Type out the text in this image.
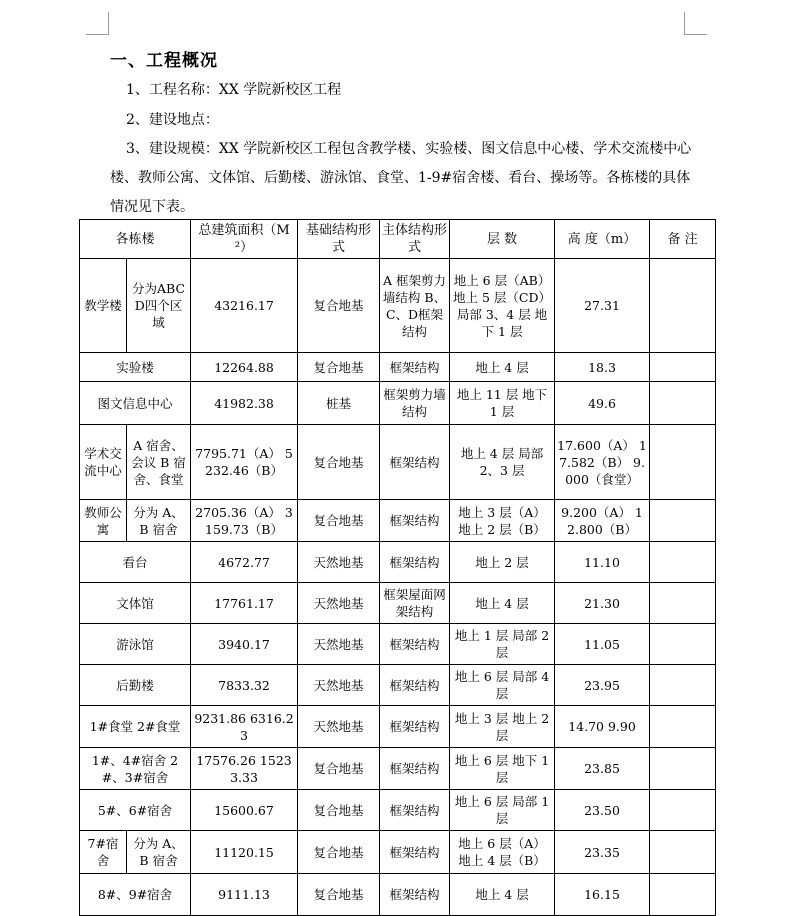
一、工程概况
1、工程名称：XX 学院新校区工程
2、建设地点：
3、建设规模：XX 学院新校区工程包含教学楼、实验楼、图文信息中心楼、学术交流楼中心楼、教师公寓、文体馆、后勤楼、游泳馆、食堂、1-9#宿舍楼、看台、操场等。各栋楼的具体情况见下表。
各栋楼		总建筑面积（M²）	基础结构形式	主体结构形式	层 数	高 度（m）	备 注
教学楼	分为ABCD四个区域	43216.17	复合地基	A 框架剪力墙结构 B、C、D框架结构	地上 6 层（AB）地上 5 层（CD）局部 3、4 层 地下 1 层	27.31	
实验楼		12264.88	复合地基	框架结构	地上 4 层	18.3	
图文信息中心		41982.38	桩基	框架剪力墙结构	地上 11 层 地下 1 层	49.6	
学术交流中心	A 宿舍、会议 B 宿舍、食堂	7795.71（A） 5232.46（B）	复合地基	框架结构	地上 4 层 局部 2、3 层	17.600（A） 17.582（B） 9.000（食堂）	
教师公寓	分为 A、B 宿舍	2705.36（A） 3159.73（B）	复合地基	框架结构	地上 3 层（A） 地上 2 层（B）	9.200（A） 12.800（B）	
看台		4672.77	天然地基	框架结构	地上 2 层	11.10	
文体馆		17761.17	天然地基	框架屋面网架结构	地上 4 层	21.30	
游泳馆		3940.17	天然地基	框架结构	地上 1 层 局部 2 层	11.05	
后勤楼		7833.32	天然地基	框架结构	地上 6 层 局部 4 层	23.95	
1#食堂 2#食堂		9231.86 6316.23	天然地基	框架结构	地上 3 层 地上 2 层	14.70 9.90	
1#、4#宿舍 2#、3#宿舍		17576.26 15233.33	复合地基	框架结构	地上 6 层 地下 1 层	23.85	
5#、6#宿舍		15600.67	复合地基	框架结构	地上 6 层 局部 1 层	23.50	
7#宿舍	分为 A、B 宿舍	11120.15	复合地基	框架结构	地上 6 层（A） 地上 4 层（B）	23.35	
8#、9#宿舍		9111.13	复合地基	框架结构	地上 4 层	16.15	
